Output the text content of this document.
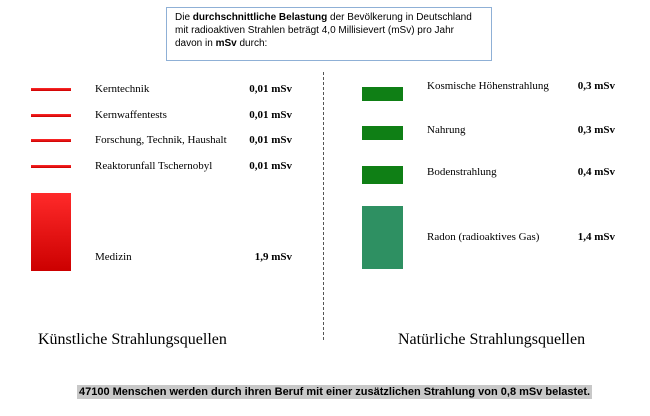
Die durchschnittliche Belastung der Bevölkerung in Deutschland mit radioaktiven Strahlen beträgt 4,0 Millisievert (mSv) pro Jahr davon in mSv durch:
Kerntechnik	0,01 mSv
Kernwaffentests	0,01 mSv
Forschung, Technik, Haushalt	0,01 mSv
Reaktorunfall Tschernobyl	0,01 mSv
Medizin	1,9 mSv
Künstliche Strahlungsquellen
Kosmische Höhenstrahlung	0,3 mSv
Nahrung	0,3 mSv
Bodenstrahlung	0,4 mSv
Radon (radioaktives Gas)	1,4 mSv
Natürliche Strahlungsquellen
47100 Menschen werden durch ihren Beruf mit einer zusätzlichen Strahlung von 0,8 mSv belastet.
